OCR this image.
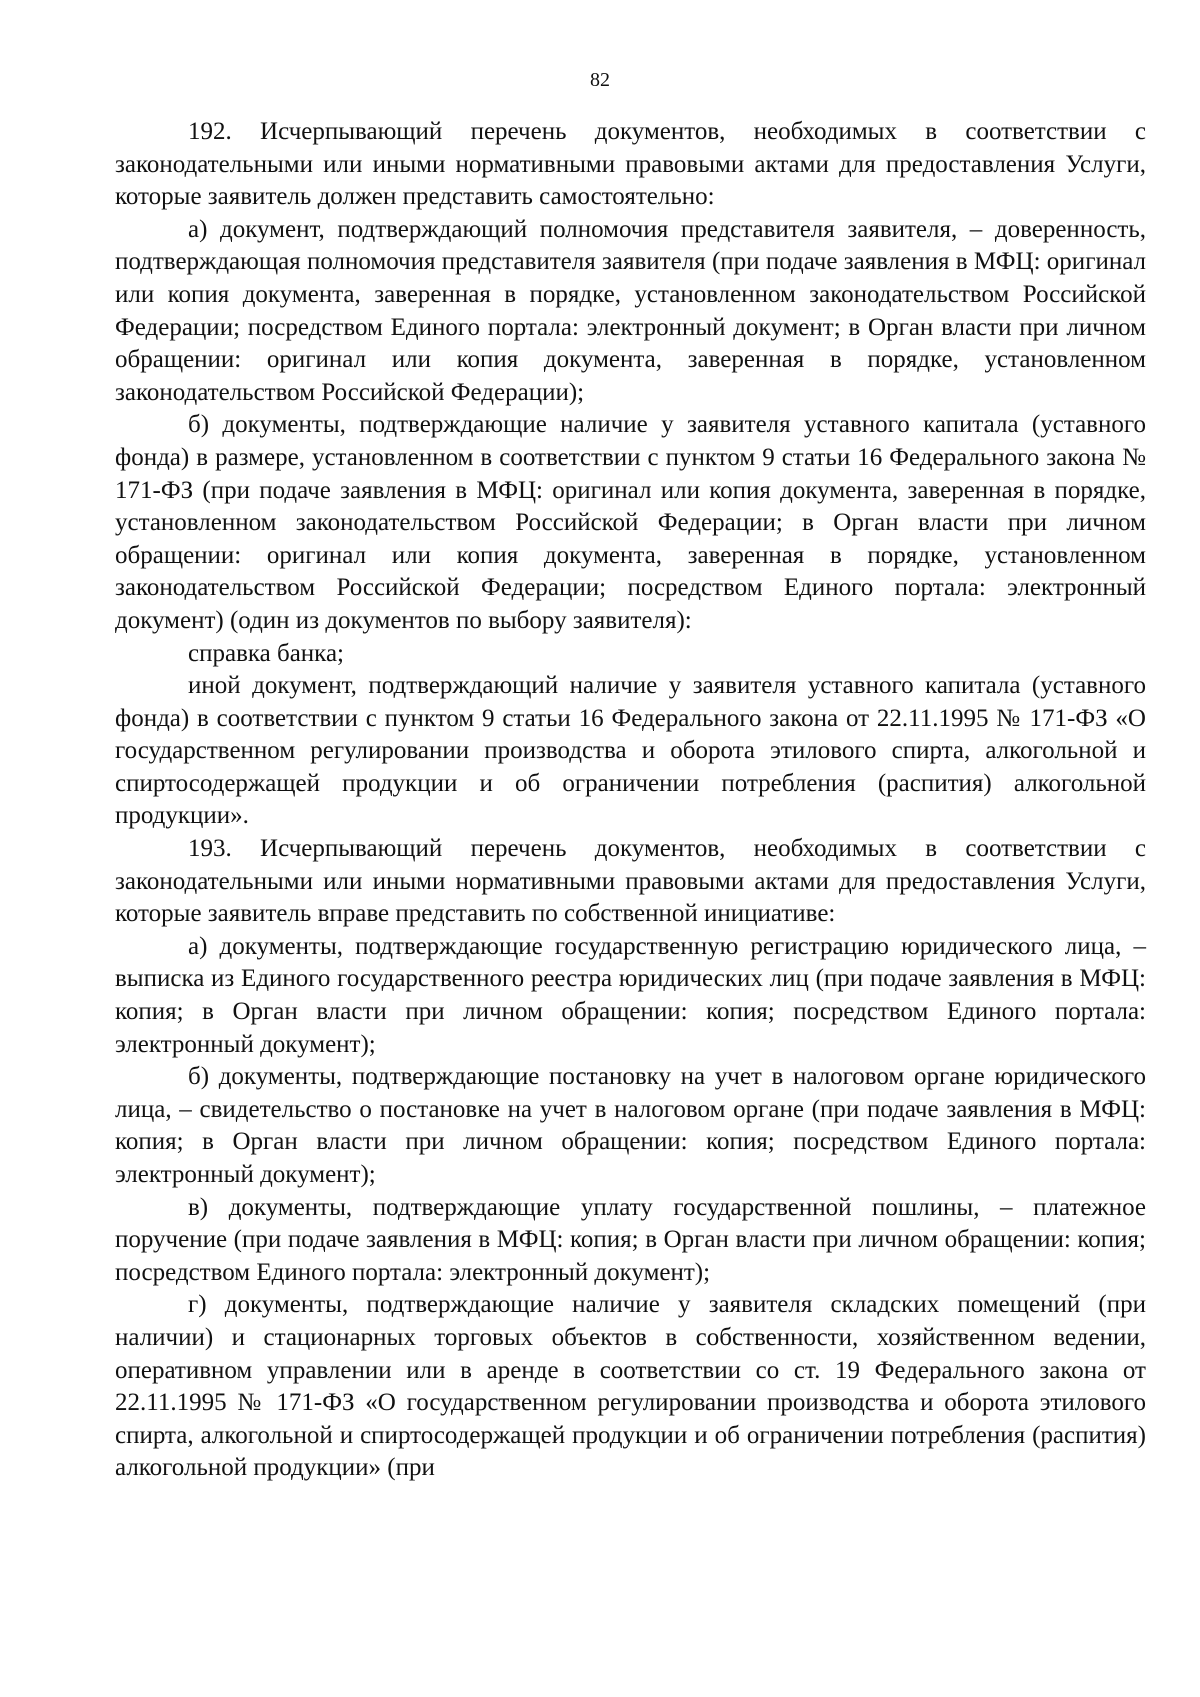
82

192. Исчерпывающий перечень документов, необходимых в соответствии с законодательными или иными нормативными правовыми актами для предоставления Услуги, которые заявитель должен представить самостоятельно:

а) документ, подтверждающий полномочия представителя заявителя, – доверенность, подтверждающая полномочия представителя заявителя (при подаче заявления в МФЦ: оригинал или копия документа, заверенная в порядке, установленном законодательством Российской Федерации; посредством Единого портала: электронный документ; в Орган власти при личном обращении: оригинал или копия документа, заверенная в порядке, установленном законодательством Российской Федерации);

б) документы, подтверждающие наличие у заявителя уставного капитала (уставного фонда) в размере, установленном в соответствии с пунктом 9 статьи 16 Федерального закона № 171-ФЗ (при подаче заявления в МФЦ: оригинал или копия документа, заверенная в порядке, установленном законодательством Российской Федерации; в Орган власти при личном обращении: оригинал или копия документа, заверенная в порядке, установленном законодательством Российской Федерации; посредством Единого портала: электронный документ) (один из документов по выбору заявителя):

справка банка;

иной документ, подтверждающий наличие у заявителя уставного капитала (уставного фонда) в соответствии с пунктом 9 статьи 16 Федерального закона от 22.11.1995 № 171-ФЗ «О государственном регулировании производства и оборота этилового спирта, алкогольной и спиртосодержащей продукции и об ограничении потребления (распития) алкогольной продукции».

193. Исчерпывающий перечень документов, необходимых в соответствии с законодательными или иными нормативными правовыми актами для предоставления Услуги, которые заявитель вправе представить по собственной инициативе:

а) документы, подтверждающие государственную регистрацию юридического лица, – выписка из Единого государственного реестра юридических лиц (при подаче заявления в МФЦ: копия; в Орган власти при личном обращении: копия; посредством Единого портала: электронный документ);

б) документы, подтверждающие постановку на учет в налоговом органе юридического лица, – свидетельство о постановке на учет в налоговом органе (при подаче заявления в МФЦ: копия; в Орган власти при личном обращении: копия; посредством Единого портала: электронный документ);

в) документы, подтверждающие уплату государственной пошлины, – платежное поручение (при подаче заявления в МФЦ: копия; в Орган власти при личном обращении: копия; посредством Единого портала: электронный документ);

г) документы, подтверждающие наличие у заявителя складских помещений (при наличии) и стационарных торговых объектов в собственности, хозяйственном ведении, оперативном управлении или в аренде в соответствии со ст. 19 Федерального закона от 22.11.1995 № 171-ФЗ «О государственном регулировании производства и оборота этилового спирта, алкогольной и спиртосодержащей продукции и об ограничении потребления (распития) алкогольной продукции» (при
